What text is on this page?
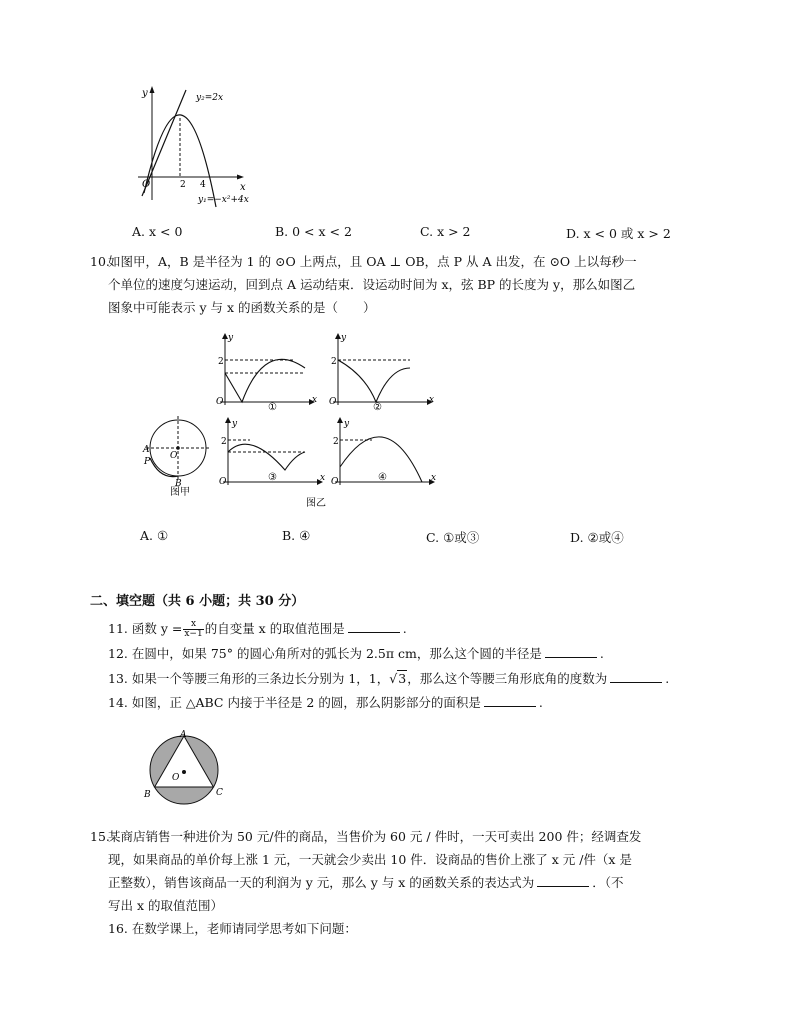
y
x
O	2 4
y₂=2x
y₁=−x²+4x
A. x < 0	B. 0 < x < 2	C. x > 2	D. x < 0 或 x > 2
10.
如图甲，A，B 是半径为 1 的 ⊙O 上两点，且 OA ⊥ OB，点 P 从 A 出发，在 ⊙O 上以每秒一
个单位的速度匀速运动，回到点 A 运动结束．设运动时间为 x，弦 BP 的长度为 y，那么如图乙
图象中可能表示 y 与 x 的函数关系的是（　　）
y
x
O
2
①
y
x
O
2
②
A
P
O
B
图甲
y
x
O
2
③
y
x
O
2
④
图乙
A. ①	B. ④	C. ①或③	D. ②或④
二、填空题（共 6 小题；共 30 分）
11. 函数 $y = \frac{x}{x-1}$ 的自变量 x 的取值范围是	.
12. 在圆中，如果 75° 的圆心角所对的弧长为 2.5π cm，那么这个圆的半径是	.
13. 如果一个等腰三角形的三条边长分别为 1，1，√3，那么这个等腰三角形底角的度数为	.
14. 如图，正 △ABC 内接于半径是 2 的圆，那么阴影部分的面积是	.
A
B	C
O
15.
某商店销售一种进价为 50 元/件的商品，当售价为 60 元 / 件时，一天可卖出 200 件；经调查发
现，如果商品的单价每上涨 1 元，一天就会少卖出 10 件．设商品的售价上涨了 x 元 /件（x 是
正整数），销售该商品一天的利润为 y 元，那么 y 与 x 的函数关系的表达式为	．（不
写出 x 的取值范围）
16. 在数学课上，老师请同学思考如下问题：
